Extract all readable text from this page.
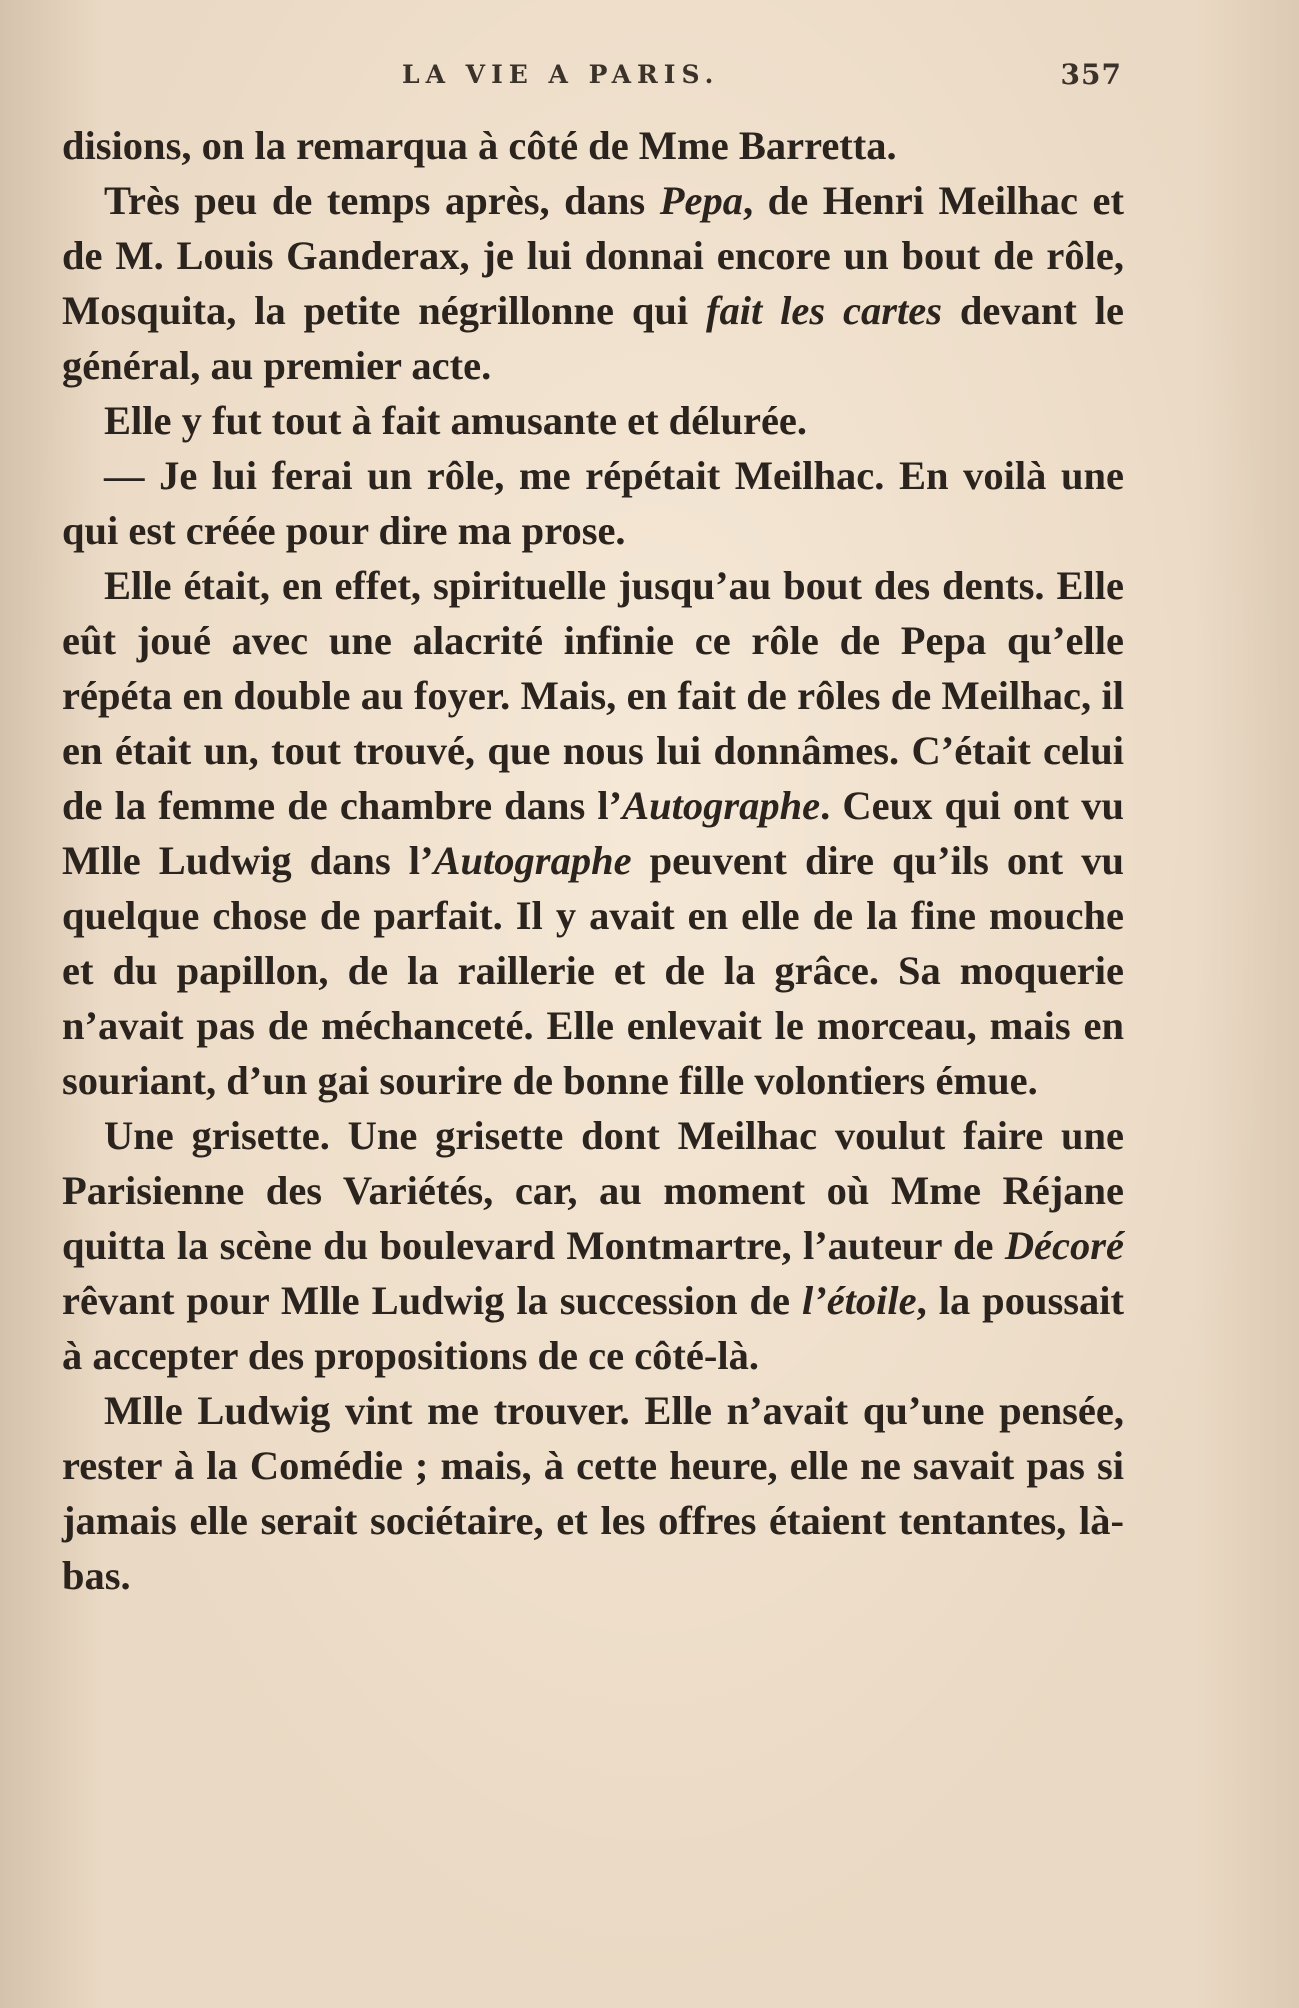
LA VIE A PARIS.	357

disions, on la remarqua à côté de Mme Barretta.

Très peu de temps après, dans Pepa, de Henri Meilhac et de M. Louis Ganderax, je lui donnai encore un bout de rôle, Mosquita, la petite négrillonne qui fait les cartes devant le général, au premier acte.

Elle y fut tout à fait amusante et délurée.

— Je lui ferai un rôle, me répétait Meilhac. En voilà une qui est créée pour dire ma prose.

Elle était, en effet, spirituelle jusqu’au bout des dents. Elle eût joué avec une alacrité infinie ce rôle de Pepa qu’elle répéta en double au foyer. Mais, en fait de rôles de Meilhac, il en était un, tout trouvé, que nous lui donnâmes. C’était celui de la femme de chambre dans l’Autographe. Ceux qui ont vu Mlle Ludwig dans l’Autographe peuvent dire qu’ils ont vu quelque chose de parfait. Il y avait en elle de la fine mouche et du papillon, de la raillerie et de la grâce. Sa moquerie n’avait pas de méchanceté. Elle enlevait le morceau, mais en souriant, d’un gai sourire de bonne fille volontiers émue.

Une grisette. Une grisette dont Meilhac voulut faire une Parisienne des Variétés, car, au moment où Mme Réjane quitta la scène du boulevard Montmartre, l’auteur de Décoré rêvant pour Mlle Ludwig la succession de l’étoile, la poussait à accepter des propositions de ce côté-là.

Mlle Ludwig vint me trouver. Elle n’avait qu’une pensée, rester à la Comédie ; mais, à cette heure, elle ne savait pas si jamais elle serait sociétaire, et les offres étaient tentantes, là-bas.
